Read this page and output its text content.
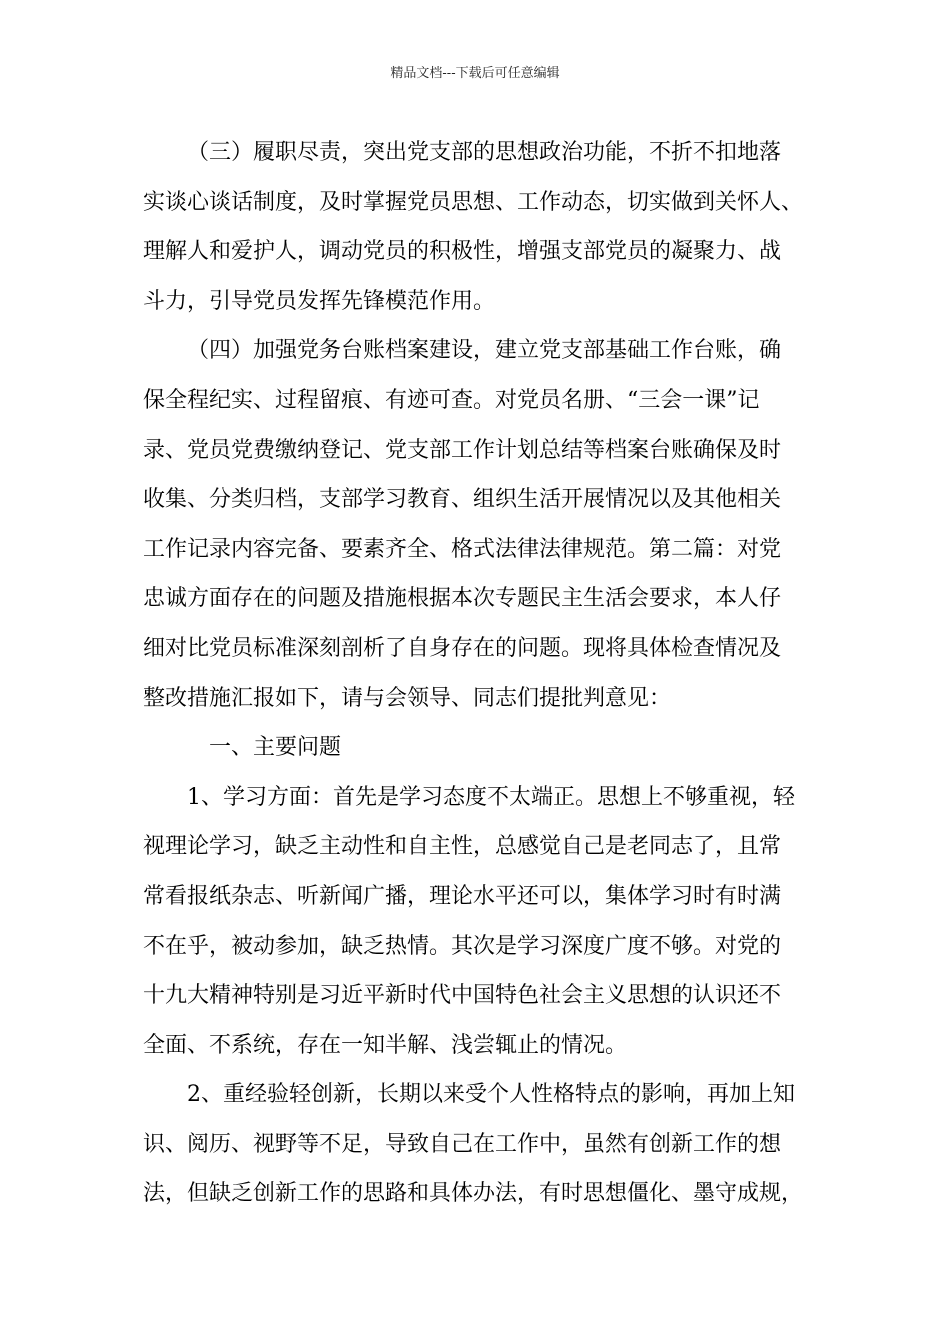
精品文档---下载后可任意编辑
（三）履职尽责，突出党支部的思想政治功能，不折不扣地落
实谈心谈话制度，及时掌握党员思想、工作动态，切实做到关怀人、
理解人和爱护人，调动党员的积极性，增强支部党员的凝聚力、战
斗力，引导党员发挥先锋模范作用。
（四）加强党务台账档案建设，建立党支部基础工作台账，确
保全程纪实、过程留痕、有迹可查。对党员名册、“三会一课”记
录、党员党费缴纳登记、党支部工作计划总结等档案台账确保及时
收集、分类归档，支部学习教育、组织生活开展情况以及其他相关
工作记录内容完备、要素齐全、格式法律法律规范。第二篇：对党
忠诚方面存在的问题及措施根据本次专题民主生活会要求，本人仔
细对比党员标准深刻剖析了自身存在的问题。现将具体检查情况及
整改措施汇报如下，请与会领导、同志们提批判意见：
一、主要问题
1、学习方面：首先是学习态度不太端正。思想上不够重视，轻
视理论学习，缺乏主动性和自主性，总感觉自己是老同志了，且常
常看报纸杂志、听新闻广播，理论水平还可以，集体学习时有时满
不在乎，被动参加，缺乏热情。其次是学习深度广度不够。对党的
十九大精神特别是习近平新时代中国特色社会主义思想的认识还不
全面、不系统，存在一知半解、浅尝辄止的情况。
2、重经验轻创新，长期以来受个人性格特点的影响，再加上知
识、阅历、视野等不足，导致自己在工作中，虽然有创新工作的想
法，但缺乏创新工作的思路和具体办法，有时思想僵化、墨守成规，
